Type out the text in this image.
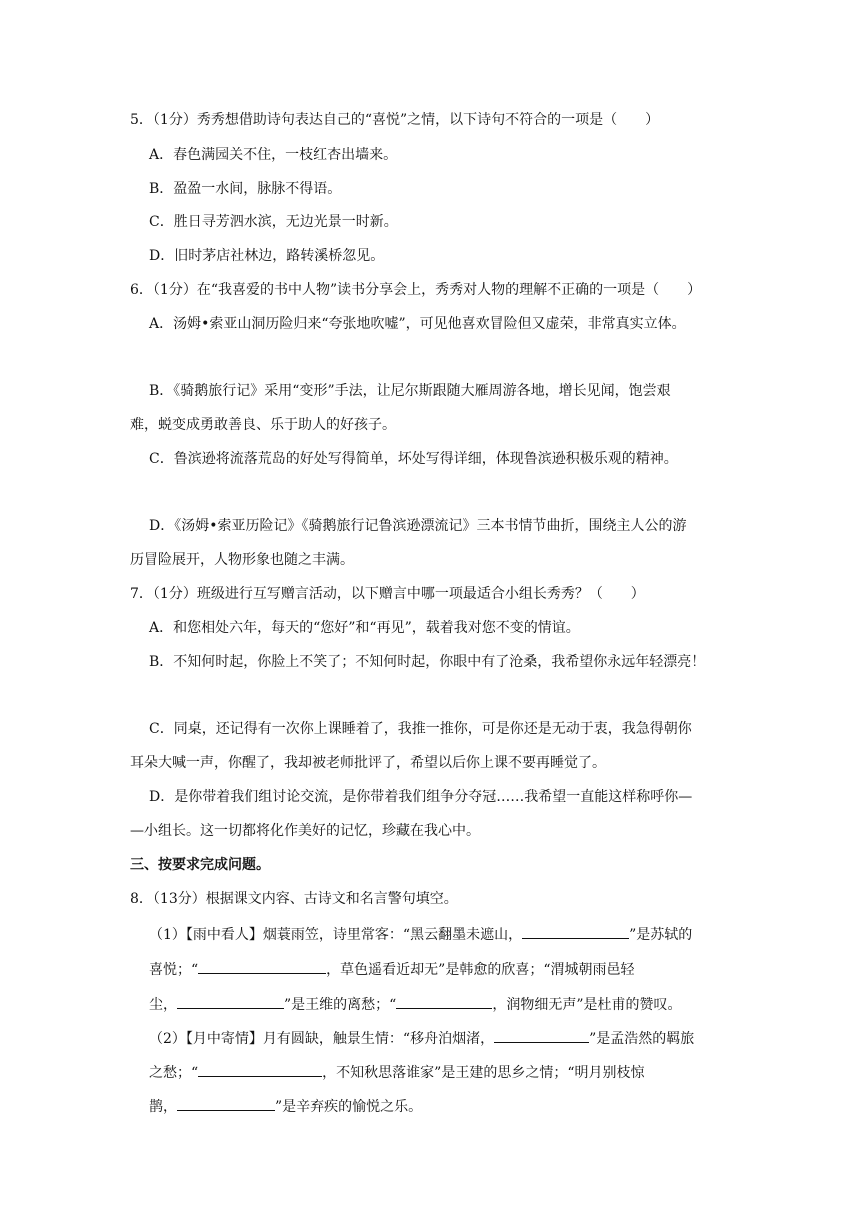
5．（1分）秀秀想借助诗句表达自己的“喜悦”之情，以下诗句不符合的一项是（　　）
A．春色满园关不住，一枝红杏出墙来。
B．盈盈一水间，脉脉不得语。
C．胜日寻芳泗水滨，无边光景一时新。
D．旧时茅店社林边，路转溪桥忽见。
6．（1分）在“我喜爱的书中人物”读书分享会上，秀秀对人物的理解不正确的一项是（　　）
A．汤姆•索亚山洞历险归来“夸张地吹嘘”，可见他喜欢冒险但又虚荣，非常真实立体。
B．《骑鹅旅行记》采用“变形”手法，让尼尔斯跟随大雁周游各地，增长见闻，饱尝艰
难，蜕变成勇敢善良、乐于助人的好孩子。
C．鲁滨逊将流落荒岛的好处写得简单，坏处写得详细，体现鲁滨逊积极乐观的精神。
D．《汤姆•索亚历险记》《骑鹅旅行记鲁滨逊漂流记》三本书情节曲折，围绕主人公的游
历冒险展开，人物形象也随之丰满。
7．（1分）班级进行互写赠言活动，以下赠言中哪一项最适合小组长秀秀？（　　）
A．和您相处六年，每天的“您好”和“再见”，载着我对您不变的情谊。
B．不知何时起，你脸上不笑了；不知何时起，你眼中有了沧桑，我希望你永远年轻漂亮！
C．同桌，还记得有一次你上课睡着了，我推一推你，可是你还是无动于衷，我急得朝你
耳朵大喊一声，你醒了，我却被老师批评了，希望以后你上课不要再睡觉了。
D．是你带着我们组讨论交流，是你带着我们组争分夺冠……我希望一直能这样称呼你—
—小组长。这一切都将化作美好的记忆，珍藏在我心中。
三、按要求完成问题。
8．（13分）根据课文内容、古诗文和名言警句填空。
（1）【雨中看人】烟蓑雨笠，诗里常客：“黑云翻墨未遮山，	”是苏轼的
喜悦；“	，草色遥看近却无”是韩愈的欣喜；“渭城朝雨邑轻
尘，	”是王维的离愁；“	，润物细无声”是杜甫的赞叹。
（2）【月中寄情】月有圆缺，触景生情：“移舟泊烟渚，	”是孟浩然的羁旅
之愁；“	，不知秋思落谁家”是王建的思乡之情；“明月别枝惊
鹊，	”是辛弃疾的愉悦之乐。
